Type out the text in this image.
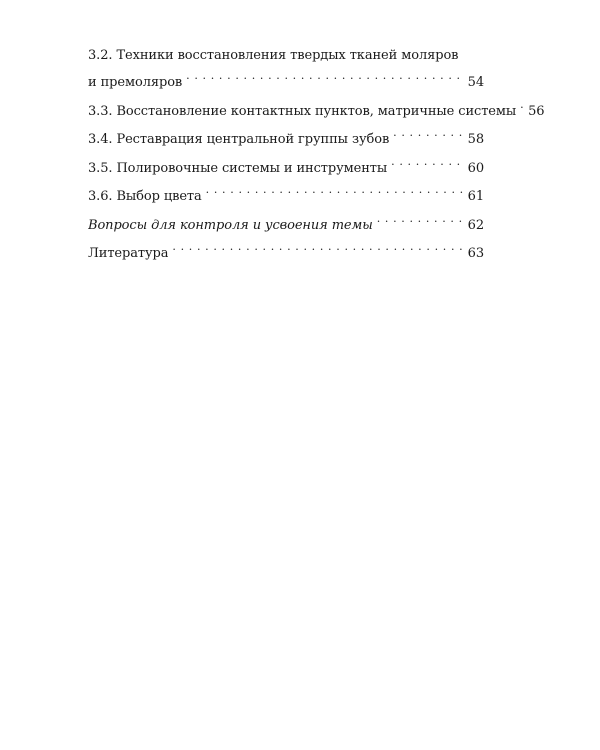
3.2. Техники восстановления твердых тканей моляров
и премоляров . . .	54
3.3. Восстановление контактных пунктов, матричные системы . . . 56
3.4. Реставрация центральной группы зубов . . .	58
3.5. Полировочные системы и инструменты . . .	60
3.6. Выбор цвета . . .	61
Вопросы для контроля и усвоения темы . . .	62
Литература . . .	63
